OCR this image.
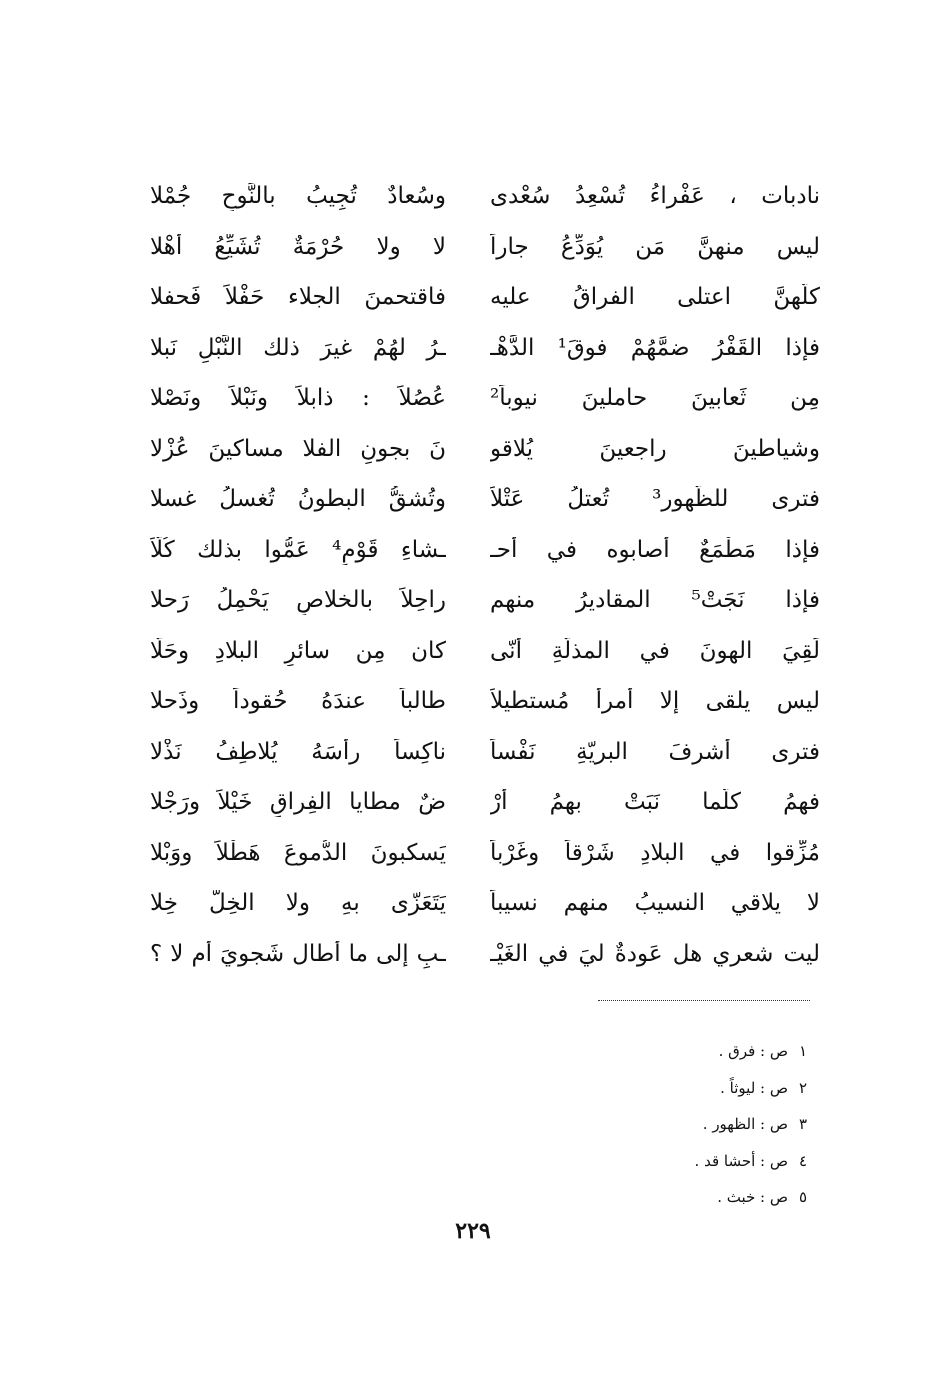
نادبات ، عَفْراءُ تُسْعِدُ سُعْدى
وسُعادٌ تُجِيبُ بالنَّوحِ جُمْلا
ليس منهنَّ مَن يُوَدِّعُ جاراً
لا ولا حُرْمَةٌ تُشَيِّعُ أهْلا
كلُّهنَّ اعتلى الفراقُ عليه
فاقتحمنَ الجلاء حَفْلاً فَحفلا
فإذا القَفْرُ ضمَّهُمْ فوقَ¹ الدَّهْـ
ـرُ لهُمْ غيرَ ذلك النَّبْلِ نَبلا
مِن ثَعابينَ حاملينَ نيوباً²
عُصُلاً : ذابلاً ونَبْلاً ونَصْلا
وشياطينَ راجعينَ يُلاقو
نَ بجونِ الفلا مساكينَ عُزْلا
فترى للظُّهور³ تُعتلُ عَتْلاً
وتُشقُّ البطونُ تُغسلُ غسلا
فإذا مَطْمَعٌ أصابوه في أحـ
ـشاءِ قَوْمٍ⁴ عَمُّوا بذلك كُلّاً
فإذا نَجَتْ⁵ المقاديرُ منهم
راحِلاً بالخلاصِ يَحْمِلُ رَحلا
لَقِيَ الهونَ في المذلّةِ أنّى
كان مِن سائرِ البلادِ وحَلّا
ليس يلقى إلا أمرأً مُستطيلاً
طالباً عندَهُ حُقوداً وذَحلا
فترى أشرفَ البريّةِ نَفْساً
ناكِساً رأسَهُ يُلاطِفُ نَذْلا
فهمُ كلّما نَبَتْ بهمُ أرْ
ضٌ مطايا الفِراقِ خَيْلاً ورَجْلا
مُزِّقوا في البلادِ شَرْقاً وغَرْباً
يَسكبونَ الدُّموعَ هَطْلاً ووَبْلا
لا يلاقي النسيبُ منهم نسيباً
يَتَعَزّى بهِ ولا الخِلُّ خِلا
ليت شعري هل عَودةٌ ليَ في الغَيْـ
ـبِ إلى ما أطال شَجويَ أم لا ؟
١ص : فرق .
٢ص : ليوثاً .
٣ص : الظهور .
٤ص : أحشا قد .
٥ص : خبث .
٢٢٩
